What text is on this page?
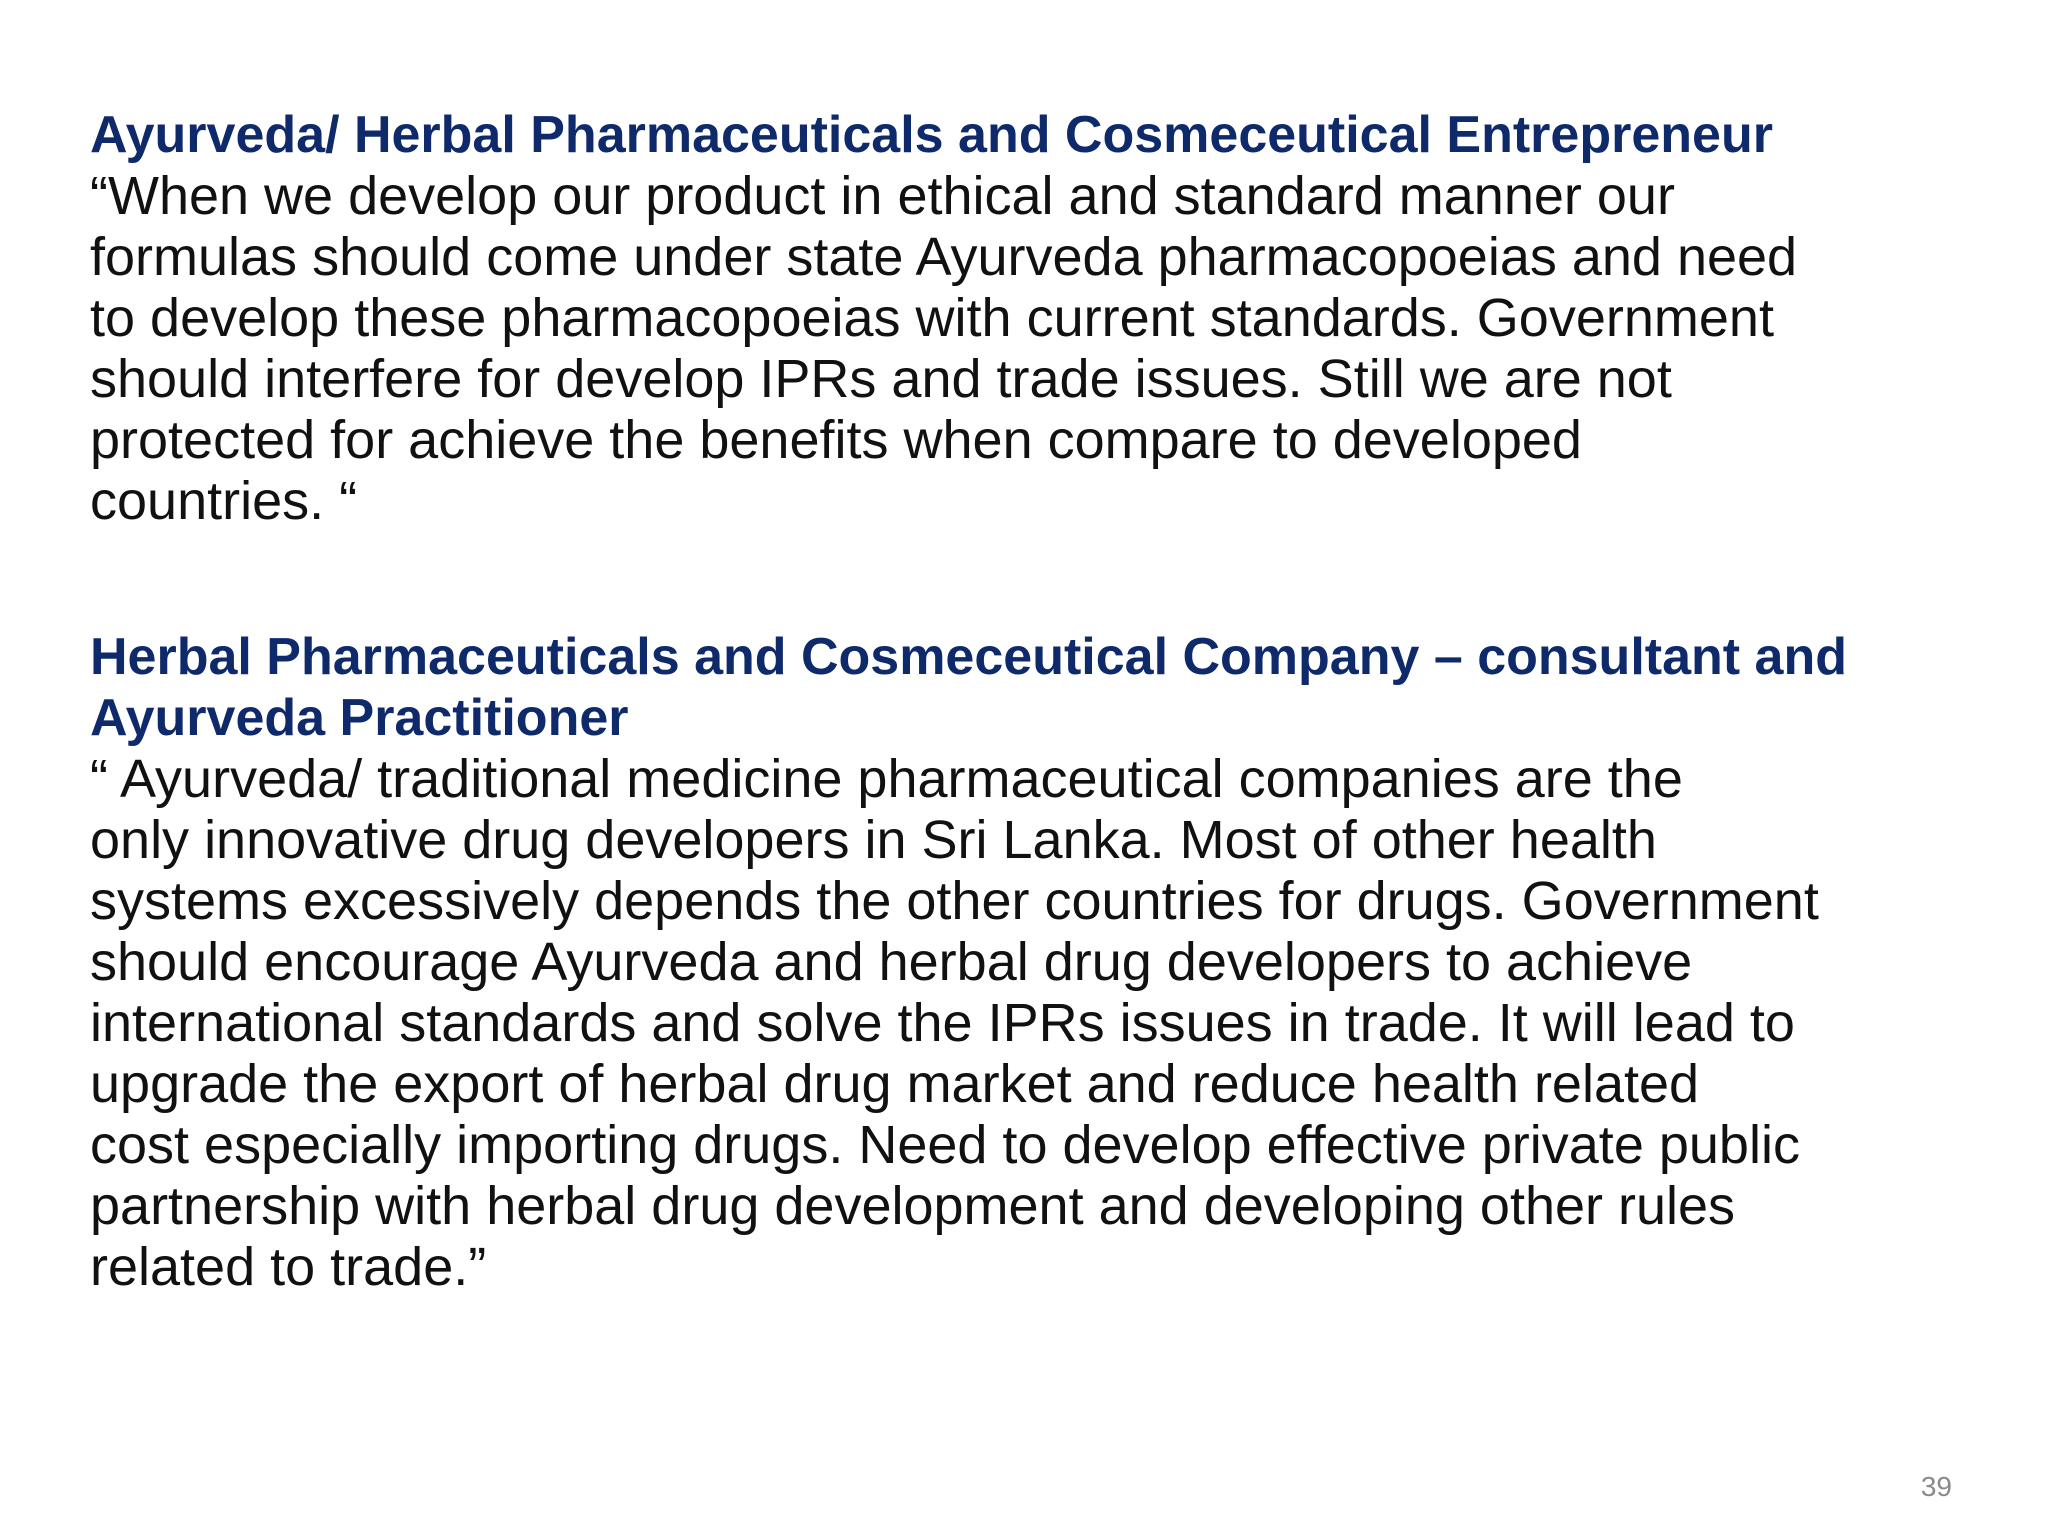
Ayurveda/ Herbal Pharmaceuticals and Cosmeceutical Entrepreneur
“When we develop our product in ethical and standard manner our
formulas should come under state Ayurveda pharmacopoeias and need
to develop these pharmacopoeias with current standards. Government
should interfere for develop IPRs and trade issues. Still we are not
protected for achieve the benefits when compare to developed
countries. “
Herbal Pharmaceuticals and Cosmeceutical Company – consultant and
Ayurveda Practitioner
“ Ayurveda/ traditional medicine pharmaceutical companies are the
only innovative drug developers in Sri Lanka. Most of other health
systems excessively depends the other countries for drugs. Government
should encourage Ayurveda and herbal drug developers to achieve
international standards and solve the IPRs issues in trade. It will lead to
upgrade the export of herbal drug market and reduce health related
cost especially importing drugs. Need to develop effective private public
partnership with herbal drug development and developing other rules
related to trade.”
39
